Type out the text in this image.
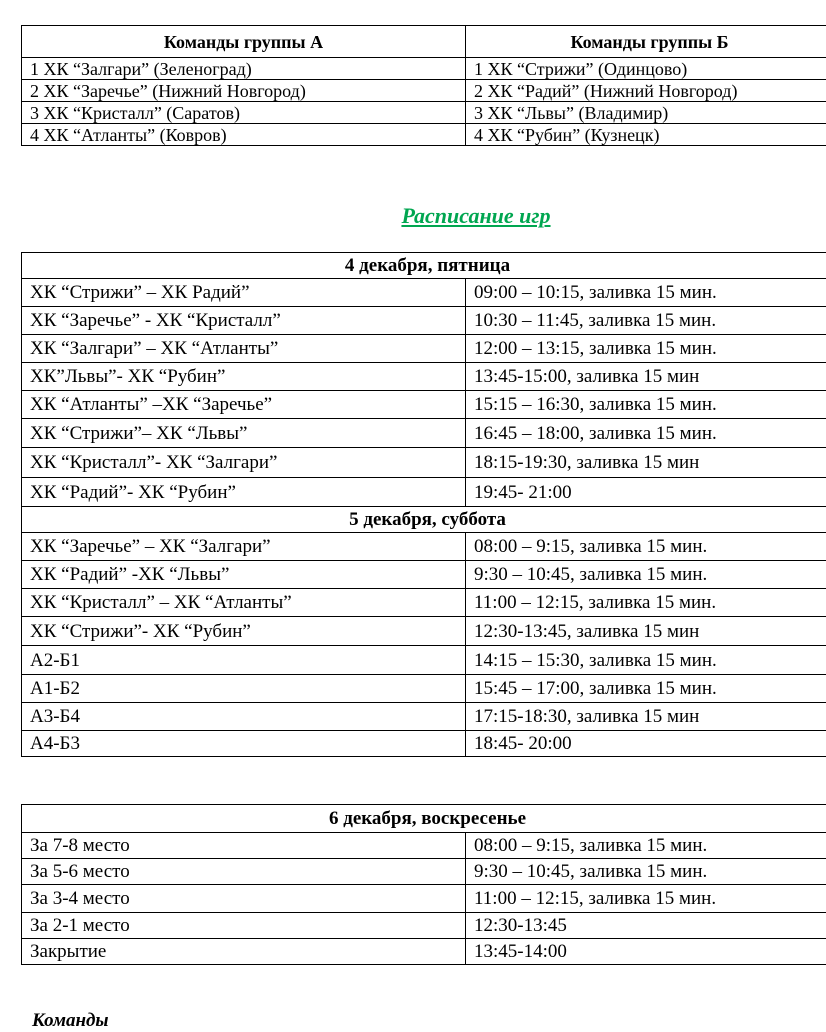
Команды группы А	Команды группы Б
1 ХК “Залгари” (Зеленоград)	1 ХК “Стрижи” (Одинцово)
2 ХК “Заречье” (Нижний Новгород)	2 ХК “Радий” (Нижний Новгород)
3 ХК “Кристалл” (Саратов)	3 ХК “Львы” (Владимир)
4 ХК “Атланты” (Ковров)	4 ХК “Рубин” (Кузнецк)
Расписание игр
4 декабря, пятница	
ХК “Стрижи” – ХК Радий”	09:00 – 10:15, заливка 15 мин.
ХК “Заречье” - ХК “Кристалл”	10:30 – 11:45, заливка 15 мин.
ХК “Залгари” – ХК “Атланты”	12:00 – 13:15, заливка 15 мин.
ХК”Львы”- ХК “Рубин”	13:45-15:00, заливка 15 мин
ХК “Атланты” –ХК “Заречье”	15:15 – 16:30, заливка 15 мин.
ХК “Стрижи”– ХК “Львы”	16:45 – 18:00, заливка 15 мин.
ХК “Кристалл”- ХК “Залгари”	18:15-19:30, заливка 15 мин
ХК “Радий”- ХК “Рубин”	19:45- 21:00
5 декабря, суббота	
ХК “Заречье” – ХК “Залгари”	08:00 – 9:15, заливка 15 мин.
ХК “Радий” -ХК “Львы”	9:30 – 10:45, заливка 15 мин.
ХК “Кристалл” – ХК “Атланты”	11:00 – 12:15, заливка 15 мин.
ХК “Стрижи”- ХК “Рубин”	12:30-13:45, заливка 15 мин
А2-Б1	14:15 – 15:30, заливка 15 мин.
А1-Б2	15:45 – 17:00, заливка 15 мин.
А3-Б4	17:15-18:30, заливка 15 мин
А4-Б3	18:45- 20:00
6 декабря, воскресенье	
За 7-8 место	08:00 – 9:15, заливка 15 мин.
За 5-6 место	9:30 – 10:45, заливка 15 мин.
За 3-4 место	11:00 – 12:15, заливка 15 мин.
За 2-1 место	12:30-13:45
Закрытие	13:45-14:00

Команды
